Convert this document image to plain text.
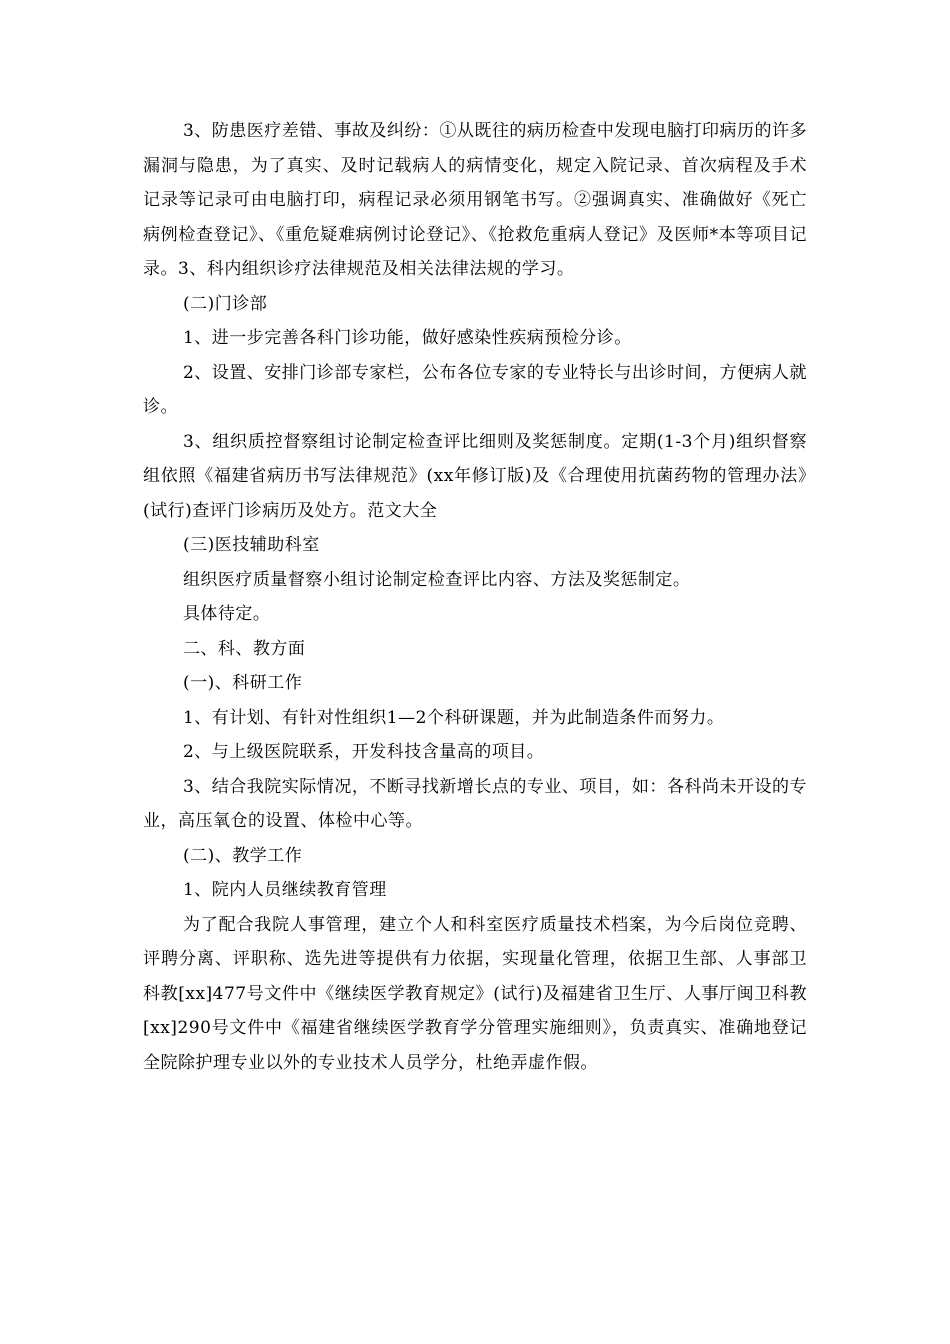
3、防患医疗差错、事故及纠纷：①从既往的病历检查中发现电脑打印病历的许多漏洞与隐患，为了真实、及时记载病人的病情变化，规定入院记录、首次病程及手术记录等记录可由电脑打印，病程记录必须用钢笔书写。②强调真实、准确做好《死亡病例检查登记》、《重危疑难病例讨论登记》、《抢救危重病人登记》及医师*本等项目记录。3、科内组织诊疗法律规范及相关法律法规的学习。

(二)门诊部

1、进一步完善各科门诊功能，做好感染性疾病预检分诊。

2、设置、安排门诊部专家栏，公布各位专家的专业特长与出诊时间，方便病人就诊。

3、组织质控督察组讨论制定检查评比细则及奖惩制度。定期(1-3个月)组织督察组依照《福建省病历书写法律规范》(xx年修订版)及《合理使用抗菌药物的管理办法》(试行)查评门诊病历及处方。范文大全

(三)医技辅助科室

组织医疗质量督察小组讨论制定检查评比内容、方法及奖惩制定。

具体待定。

二、科、教方面

(一)、科研工作

1、有计划、有针对性组织1—2个科研课题，并为此制造条件而努力。

2、与上级医院联系，开发科技含量高的项目。

3、结合我院实际情况，不断寻找新增长点的专业、项目，如：各科尚未开设的专业，高压氧仓的设置、体检中心等。

(二)、教学工作

1、院内人员继续教育管理

为了配合我院人事管理，建立个人和科室医疗质量技术档案，为今后岗位竞聘、评聘分离、评职称、选先进等提供有力依据，实现量化管理，依据卫生部、人事部卫科教[xx]477号文件中《继续医学教育规定》(试行)及福建省卫生厅、人事厅闽卫科教[xx]290号文件中《福建省继续医学教育学分管理实施细则》，负责真实、准确地登记全院除护理专业以外的专业技术人员学分，杜绝弄虚作假。
